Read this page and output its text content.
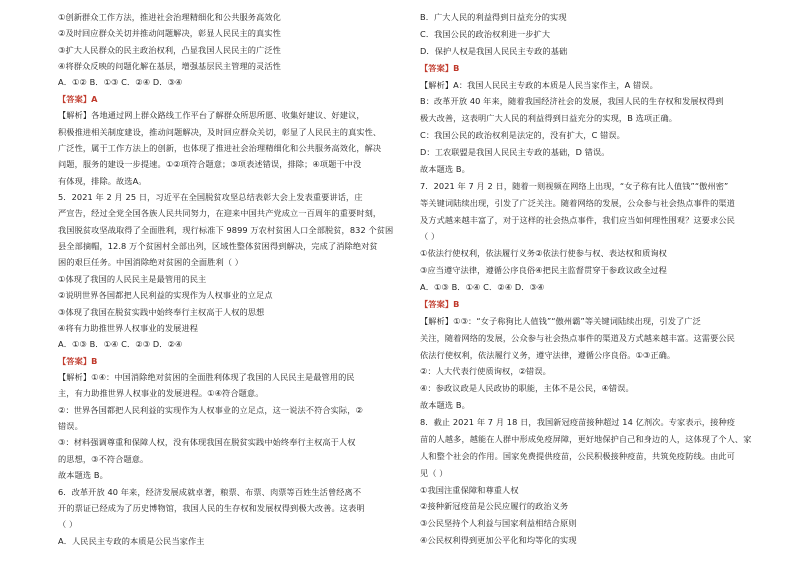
①创新群众工作方法，推进社会治理精细化和公共服务高效化
②及时回应群众关切并推动问题解决，彰显人民民主的真实性
③扩大人民群众的民主政治权利，凸显我国人民民主的广泛性
④将群众反映的问题化解在基层，增强基层民主管理的灵活性
A．①② B．①③ C．②④ D．③④
【答案】A
【解析】各地通过网上群众路线工作平台了解群众所思所愿、收集好建议、好建议，
积极推进相关制度建设，推动问题解决，及时回应群众关切，彰显了人民民主的真实性、
广泛性，属于工作方法上的创新，也体现了推进社会治理精细化和公共服务高效化，解决
问题，服务的建设一步提速。①②项符合题意；③项表述错误，排除；④项题干中没
有体现，排除。故选A。
5．2021 年 2 月 25 日，习近平在全国脱贫攻坚总结表彰大会上发表重要讲话，庄
严宣告，经过全党全国各族人民共同努力，在迎来中国共产党成立一百周年的重要时刻，
我国脱贫攻坚战取得了全面胜利，现行标准下 9899 万农村贫困人口全部脱贫，832 个贫困
县全部摘帽，12.8 万个贫困村全部出列，区域性整体贫困得到解决，完成了消除绝对贫
困的艰巨任务。中国消除绝对贫困的全面胜利（ ）
①体现了我国的人民民主是最管用的民主
②说明世界各国都把人民利益的实现作为人权事业的立足点
③体现了我国在脱贫实践中始终奉行主权高于人权的思想
④将有力助推世界人权事业的发展进程
A．①③ B．①④ C．②③ D．②④
【答案】B
【解析】①④：中国消除绝对贫困的全面胜利体现了我国的人民民主是最管用的民
主，有力助推世界人权事业的发展进程。①④符合题意。
②：世界各国都把人民利益的实现作为人权事业的立足点，这一说法不符合实际，②
错误。
③：材料强调尊重和保障人权，没有体现我国在脱贫实践中始终奉行主权高于人权
的思想，③不符合题意。
故本题选 B。
6．改革开放 40 年来，经济发展成就卓著，粮票、布票、肉票等百姓生活曾经离不
开的票证已经成为了历史博物馆，我国人民的生存权和发展权得到极大改善。这表明
（ ）
A．人民民主专政的本质是公民当家作主
B．广大人民的利益得到日益充分的实现
C．我国公民的政治权利进一步扩大
D．保护人权是我国人民民主专政的基础
【答案】B
【解析】A：我国人民民主专政的本质是人民当家作主，A 错误。
B：改革开放 40 年来，随着我国经济社会的发展，我国人民的生存权和发展权得到
极大改善，这表明广大人民的利益得到日益充分的实现，B 选项正确。
C：我国公民的政治权利是法定的，没有扩大，C 错误。
D：工农联盟是我国人民民主专政的基础，D 错误。
故本题选 B。
7．2021 年 7 月 2 日，随着一则视频在网络上出现，“女子称有比人值钱”“傲州密”
等关键词陆续出现，引发了广泛关注。随着网络的发展，公众参与社会热点事件的渠道
及方式越来越丰富了，对于这样的社会热点事件，我们应当如何理性围观？这要求公民
（ ）
①依法行使权利，依法履行义务②依法行使参与权、表达权和质询权
③应当遵守法律，遵循公序良俗④把民主监督贯穿于参政议政全过程
A．①③ B．①④ C．②④ D．③④
【答案】B
【解析】①③：“女子称狗比人值钱”“傲州霸”等关键词陆续出现，引发了广泛
关注，随着网络的发展，公众参与社会热点事件的渠道及方式越来越丰富。这需要公民
依法行使权利，依法履行义务，遵守法律，遵循公序良俗。①③正确。
②：人大代表行使质询权，②错误。
④：参政议政是人民政协的职能，主体不是公民，④错误。
故本题选 B。
8．截止 2021 年 7 月 18 日，我国新冠疫苗接种超过 14 亿剂次。专家表示，接种疫
苗的人越多，越能在人群中形成免疫屏障，更好地保护自己和身边的人，这体现了个人、家
人和整个社会的作用。国家免费提供疫苗，公民积极接种疫苗，共筑免疫防线。由此可
见（ ）
①我国注重保障和尊重人权
②接种新冠疫苗是公民应履行的政治义务
③公民坚持个人利益与国家利益相结合原则
④公民权利得到更加公平化和均等化的实现
